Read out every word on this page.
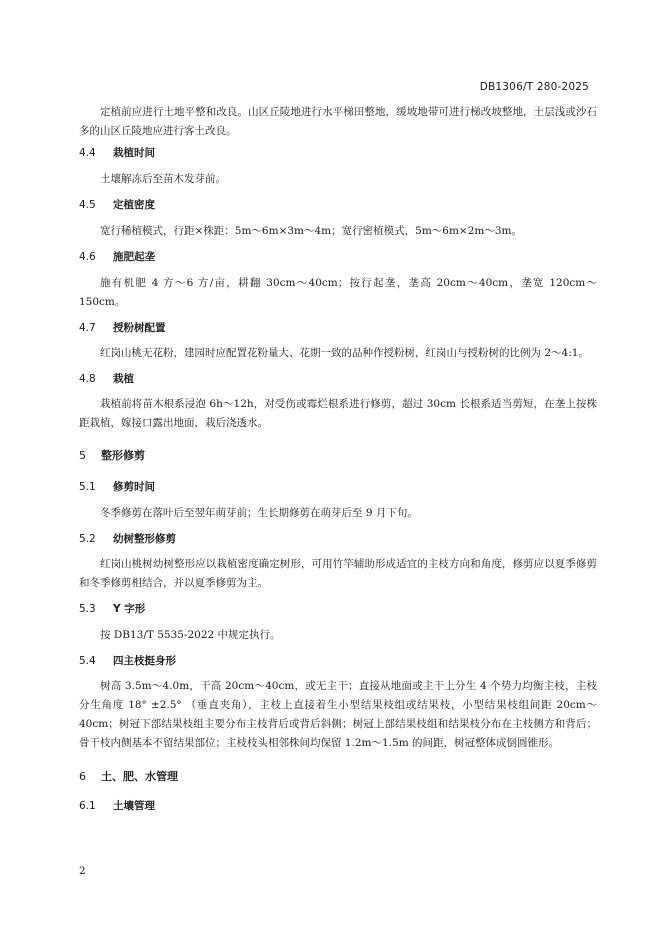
DB1306/T 280-2025

定植前应进行土地平整和改良。山区丘陵地进行水平梯田整地，缓坡地带可进行梯改坡整地，土层浅或沙石多的山区丘陵地应进行客土改良。

4.4 栽植时间

土壤解冻后至苗木发芽前。

4.5 定植密度

宽行稀植模式，行距×株距：5m～6m×3m～4m；宽行密植模式，5m～6m×2m～3m。

4.6 施肥起垄

施有机肥 4 方～6 方/亩，耕翻 30cm～40cm；按行起垄，垄高 20cm～40cm，垄宽 120cm～150cm。

4.7 授粉树配置

红岗山桃无花粉，建园时应配置花粉量大、花期一致的品种作授粉树，红岗山与授粉树的比例为 2～4:1。

4.8 栽植

栽植前将苗木根系浸泡 6h～12h，对受伤或霉烂根系进行修剪，超过 30cm 长根系适当剪短，在垄上按株距栽植，嫁接口露出地面，栽后浇透水。

5 整形修剪
5.1 修剪时间

冬季修剪在落叶后至翌年萌芽前；生长期修剪在萌芽后至 9 月下旬。

5.2 幼树整形修剪

红岗山桃树幼树整形应以栽植密度确定树形，可用竹竿辅助形成适宜的主枝方向和角度，修剪应以夏季修剪和冬季修剪相结合，并以夏季修剪为主。

5.3 Y 字形

按 DB13/T 5535-2022 中规定执行。

5.4 四主枝挺身形

树高 3.5m～4.0m，干高 20cm～40cm，或无主干；直接从地面或主干上分生 4 个势力均衡主枝，主枝分生角度 18° ±2.5° （垂直夹角），主枝上直接着生小型结果枝组或结果枝，小型结果枝组间距 20cm～40cm；树冠下部结果枝组主要分布主枝背后或背后斜侧；树冠上部结果枝组和结果枝分布在主枝侧方和背后；骨干枝内侧基本不留结果部位；主枝枝头相邻株间均保留 1.2m～1.5m 的间距，树冠整体成倒圆锥形。

6 土、肥、水管理
6.1 土壤管理
2
